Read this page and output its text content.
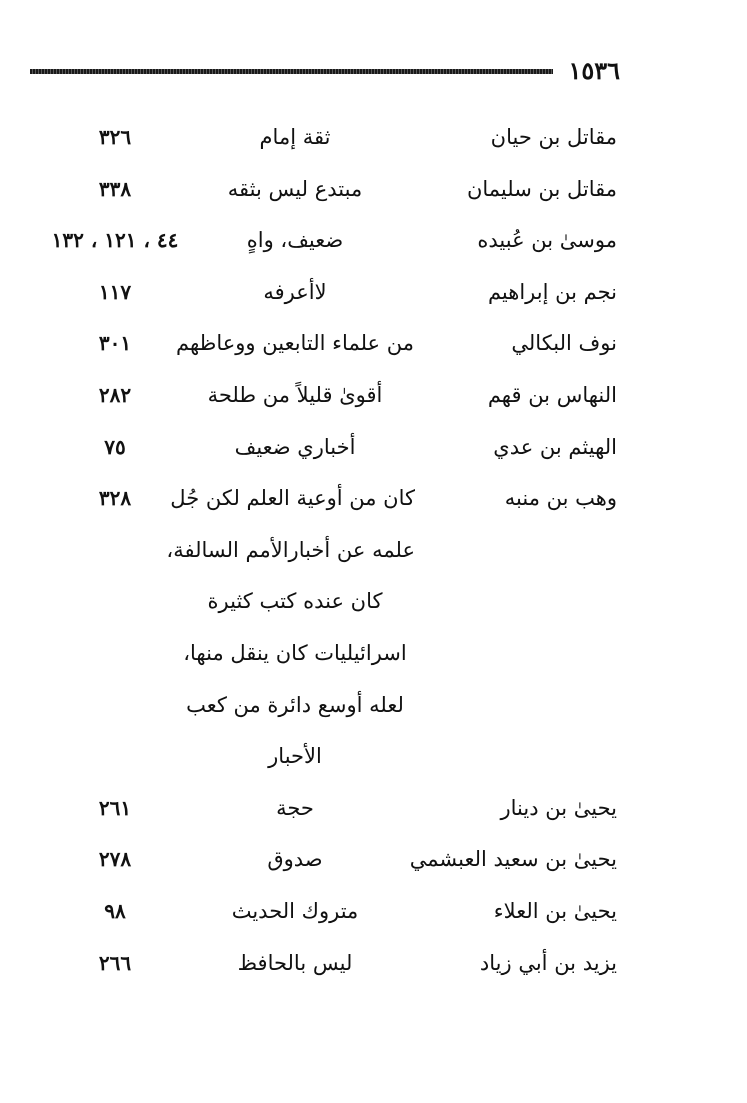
١٥٣٦
مقاتل بن حيان
ثقة إمام
٣٢٦
مقاتل بن سليمان
مبتدع ليس بثقه
٣٣٨
موسىٰ بن عُبيده
ضعيف، واهٍ
٤٤ ، ١٢١ ، ١٣٢
نجم بن إبراهيم
لاأعرفه
١١٧
نوف البكالي
من علماء التابعين ووعاظهم
٣٠١
النهاس بن قهم
أقوىٰ قليلاً من طلحة
٢٨٢
الهيثم بن عدي
أخباري ضعيف
٧٥
وهب بن منبه
كان من أوعية العلم لكن جُل
٣٢٨
علمه عن أخبارالأمم السالفة،
كان عنده كتب كثيرة
اسرائيليات كان ينقل منها،
لعله أوسع دائرة من كعب
الأحبار
يحيىٰ بن دينار
حجة
٢٦١
يحيىٰ بن سعيد العبشمي
صدوق
٢٧٨
يحيىٰ بن العلاء
متروك الحديث
٩٨
يزيد بن أبي زياد
ليس بالحافظ
٢٦٦
